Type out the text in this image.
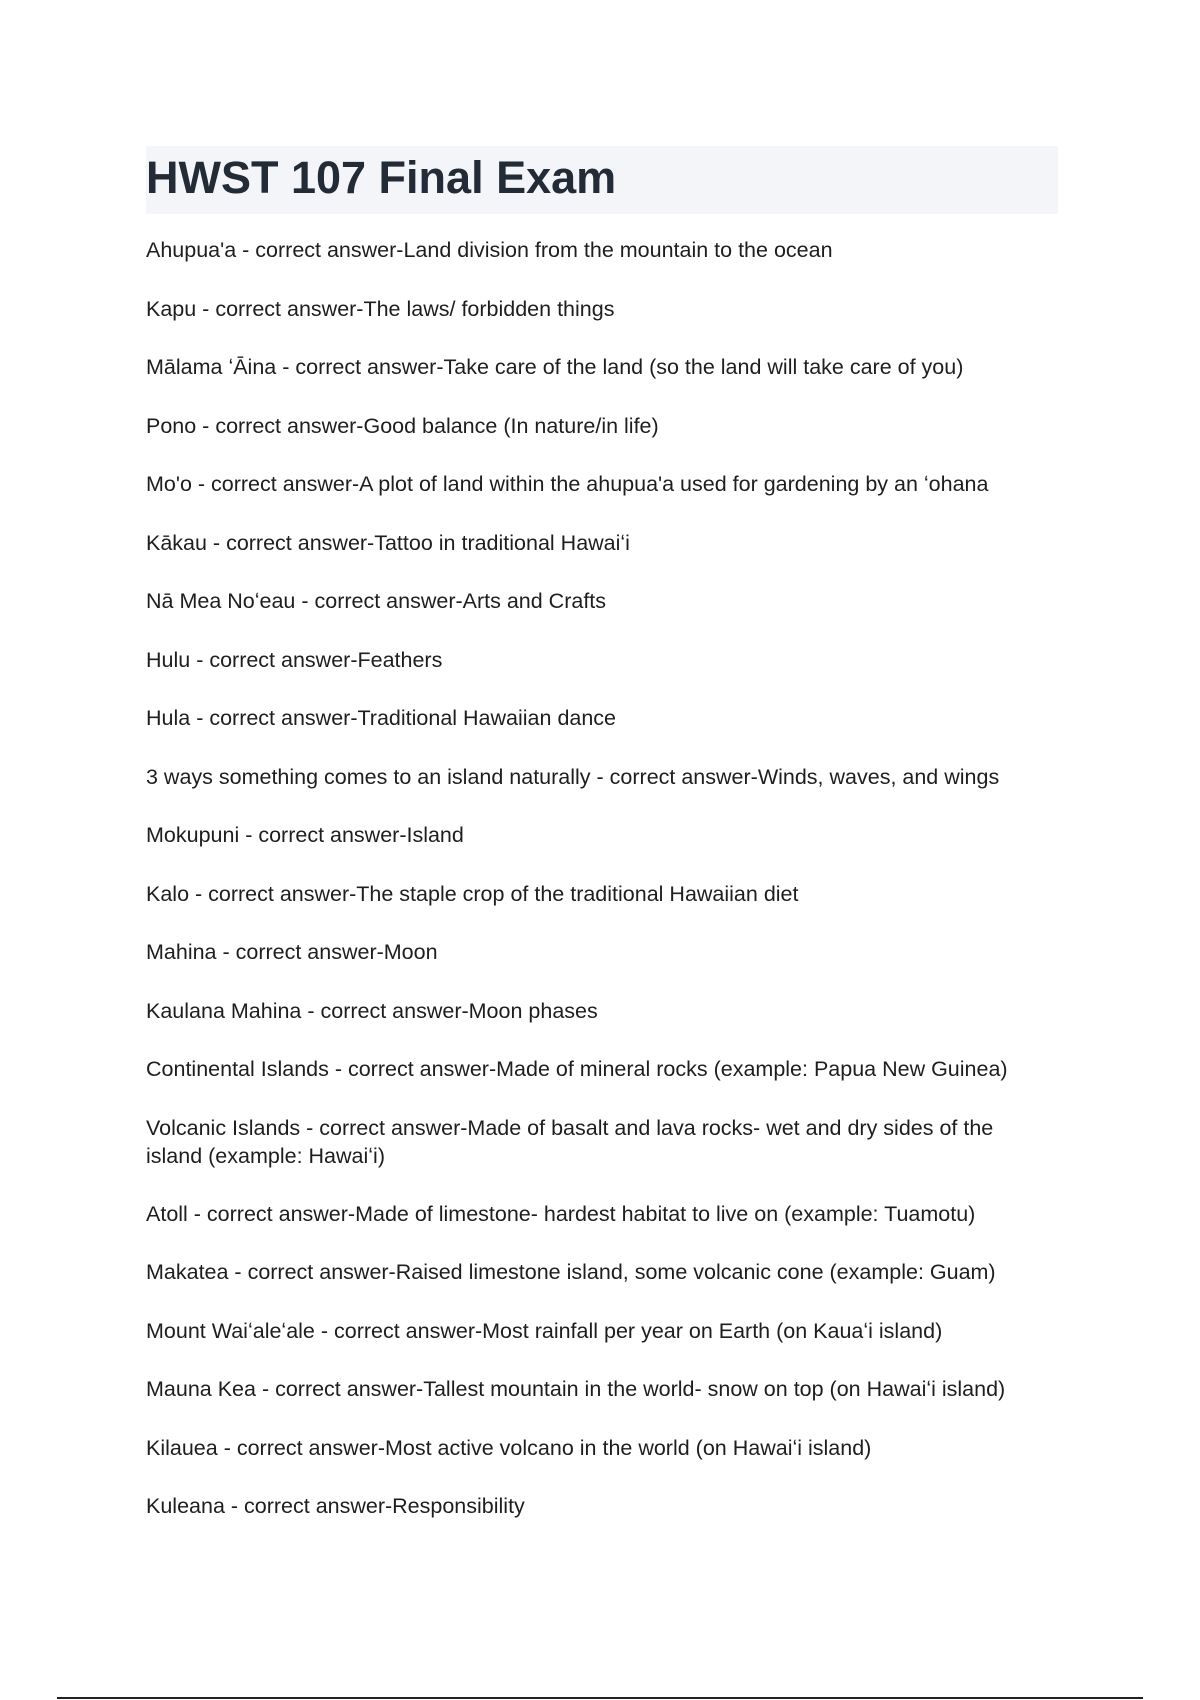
HWST 107 Final Exam
Ahupua'a - correct answer-Land division from the mountain to the ocean
Kapu - correct answer-The laws/ forbidden things
Mālama ʻĀina - correct answer-Take care of the land (so the land will take care of you)
Pono - correct answer-Good balance (In nature/in life)
Mo'o - correct answer-A plot of land within the ahupua'a used for gardening by an ʻohana
Kākau - correct answer-Tattoo in traditional Hawaiʻi
Nā Mea Noʻeau - correct answer-Arts and Crafts
Hulu - correct answer-Feathers
Hula - correct answer-Traditional Hawaiian dance
3 ways something comes to an island naturally - correct answer-Winds, waves, and wings
Mokupuni - correct answer-Island
Kalo - correct answer-The staple crop of the traditional Hawaiian diet
Mahina - correct answer-Moon
Kaulana Mahina - correct answer-Moon phases
Continental Islands - correct answer-Made of mineral rocks (example: Papua New Guinea)
Volcanic Islands - correct answer-Made of basalt and lava rocks- wet and dry sides of the island (example: Hawaiʻi)
Atoll - correct answer-Made of limestone- hardest habitat to live on (example: Tuamotu)
Makatea - correct answer-Raised limestone island, some volcanic cone (example: Guam)
Mount Waiʻaleʻale - correct answer-Most rainfall per year on Earth (on Kauaʻi island)
Mauna Kea - correct answer-Tallest mountain in the world- snow on top (on Hawaiʻi island)
Kilauea - correct answer-Most active volcano in the world (on Hawaiʻi island)
Kuleana - correct answer-Responsibility
